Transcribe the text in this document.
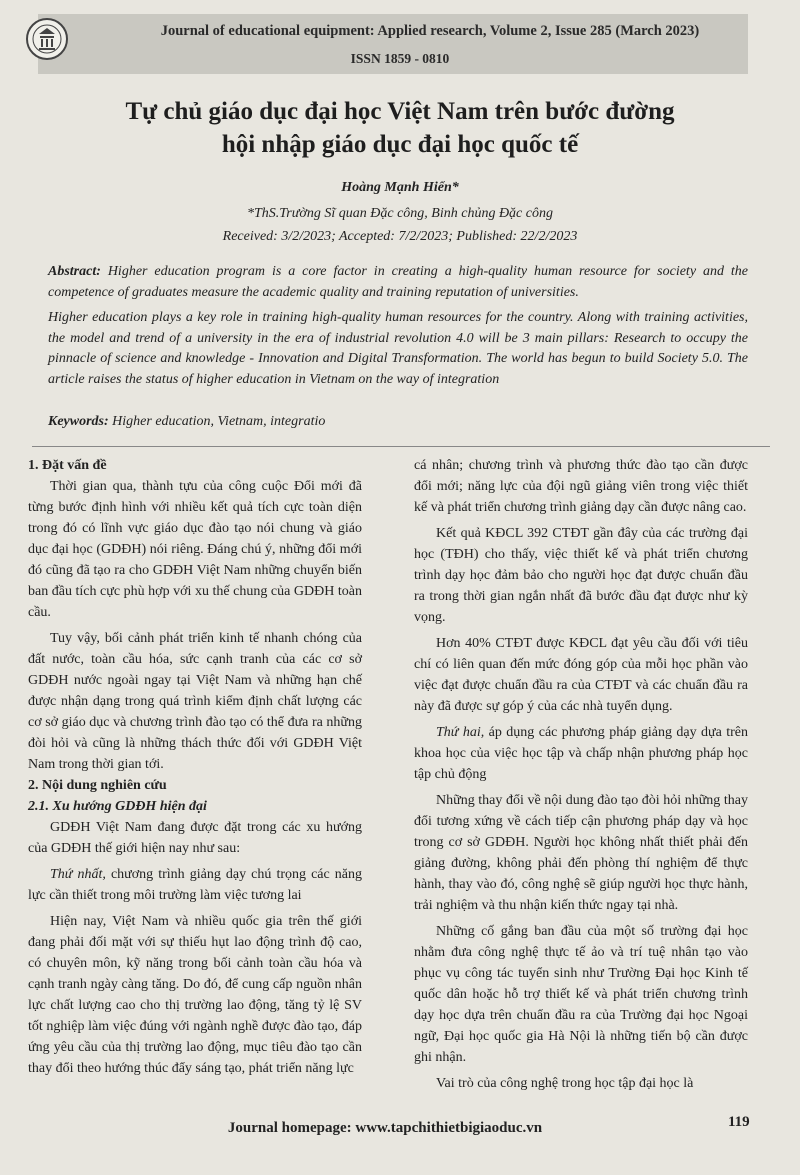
Journal of educational equipment: Applied research, Volume 2, Issue 285 (March 2023)
ISSN 1859 - 0810
Tự chủ giáo dục đại học Việt Nam trên bước đường
hội nhập giáo dục đại học quốc tế
Hoàng Mạnh Hiển*
*ThS.Trường Sĩ quan Đặc công, Binh chủng Đặc công
Received: 3/2/2023; Accepted: 7/2/2023; Published: 22/2/2023
Abstract: Higher education program is a core factor in creating a high-quality human resource for society and the competence of graduates measure the academic quality and training reputation of universities.
Higher education plays a key role in training high-quality human resources for the country. Along with training activities, the model and trend of a university in the era of industrial revolution 4.0 will be 3 main pillars: Research to occupy the pinnacle of science and knowledge - Innovation and Digital Transformation. The world has begun to build Society 5.0. The article raises the status of higher education in Vietnam on the way of integration
Keywords: Higher education, Vietnam, integratio
1. Đặt vấn đề

Thời gian qua, thành tựu của công cuộc Đổi mới đã từng bước định hình với nhiều kết quả tích cực toàn diện trong đó có lĩnh vực giáo dục đào tạo nói chung và giáo dục đại học (GDĐH) nói riêng. Đáng chú ý, những đổi mới đó cũng đã tạo ra cho GDĐH Việt Nam những chuyển biến ban đầu tích cực phù hợp với xu thế chung của GDĐH toàn cầu.

Tuy vậy, bối cảnh phát triển kinh tế nhanh chóng của đất nước, toàn cầu hóa, sức cạnh tranh của các cơ sở GDĐH nước ngoài ngay tại Việt Nam và những hạn chế được nhận dạng trong quá trình kiểm định chất lượng các cơ sở giáo dục và chương trình đào tạo có thể đưa ra những đòi hỏi và cũng là những thách thức đối với GDĐH Việt Nam trong thời gian tới.

2. Nội dung nghiên cứu
2.1. Xu hướng GDĐH hiện đại

GDĐH Việt Nam đang được đặt trong các xu hướng của GDĐH thế giới hiện nay như sau:

Thứ nhất, chương trình giảng dạy chú trọng các năng lực cần thiết trong môi trường làm việc tương lai

Hiện nay, Việt Nam và nhiều quốc gia trên thế giới đang phải đối mặt với sự thiếu hụt lao động trình độ cao, có chuyên môn, kỹ năng trong bối cảnh toàn cầu hóa và cạnh tranh ngày càng tăng. Do đó, để cung cấp nguồn nhân lực chất lượng cao cho thị trường lao động, tăng tỷ lệ SV tốt nghiệp làm việc đúng với ngành nghề được đào tạo, đáp ứng yêu cầu của thị trường lao động, mục tiêu đào tạo cần thay đổi theo hướng thúc đẩy sáng tạo, phát triển năng lực

cá nhân; chương trình và phương thức đào tạo cần được đổi mới; năng lực của đội ngũ giảng viên trong việc thiết kế và phát triển chương trình giảng dạy cần được nâng cao.

Kết quả KĐCL 392 CTĐT gần đây của các trường đại học (TĐH) cho thấy, việc thiết kế và phát triển chương trình dạy học đảm bảo cho người học đạt được chuẩn đầu ra trong thời gian ngắn nhất đã bước đầu đạt được như kỳ vọng.

Hơn 40% CTĐT được KĐCL đạt yêu cầu đối với tiêu chí có liên quan đến mức đóng góp của mỗi học phần vào việc đạt được chuẩn đầu ra của CTĐT và các chuẩn đầu ra này đã được sự góp ý của các nhà tuyển dụng.

Thứ hai, áp dụng các phương pháp giảng dạy dựa trên khoa học của việc học tập và chấp nhận phương pháp học tập chủ động

Những thay đổi về nội dung đào tạo đòi hỏi những thay đổi tương xứng về cách tiếp cận phương pháp dạy và học trong cơ sở GDĐH. Người học không nhất thiết phải đến giảng đường, không phải đến phòng thí nghiệm để thực hành, thay vào đó, công nghệ sẽ giúp người học thực hành, trải nghiệm và thu nhận kiến thức ngay tại nhà.

Những cố gắng ban đầu của một số trường đại học nhằm đưa công nghệ thực tế ảo và trí tuệ nhân tạo vào phục vụ công tác tuyển sinh như Trường Đại học Kinh tế quốc dân hoặc hỗ trợ thiết kế và phát triển chương trình dạy học dựa trên chuẩn đầu ra của Trường đại học Ngoại ngữ, Đại học quốc gia Hà Nội là những tiến bộ cần được ghi nhận.

Vai trò của công nghệ trong học tập đại học là

Journal homepage: www.tapchithietbigiaoduc.vn	119
